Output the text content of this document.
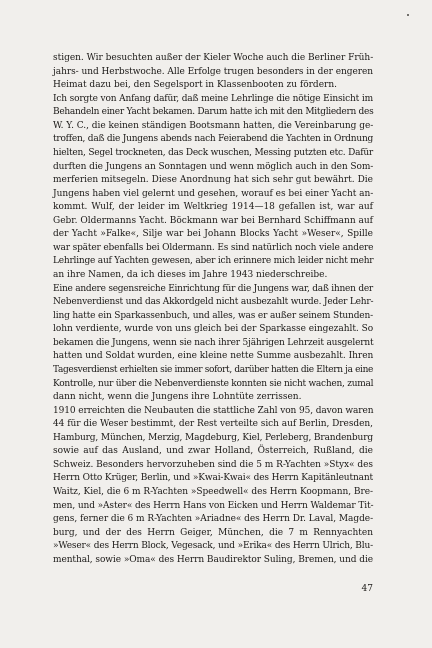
stigen. Wir besuchten außer der Kieler Woche auch die Berliner Früh-
jahrs- und Herbstwoche. Alle Erfolge trugen besonders in der engeren
Heimat dazu bei, den Segelsport in Klassenbooten zu fördern.
Ich sorgte von Anfang dafür, daß meine Lehrlinge die nötige Einsicht im
Behandeln einer Yacht bekamen. Darum hatte ich mit den Mitgliedern des
W. Y. C., die keinen ständigen Bootsmann hatten, die Vereinbarung ge-
troffen, daß die Jungens abends nach Feierabend die Yachten in Ordnung
hielten, Segel trockneten, das Deck wuschen, Messing putzten etc. Dafür
durften die Jungens an Sonntagen und wenn möglich auch in den Som-
merferien mitsegeln. Diese Anordnung hat sich sehr gut bewährt. Die
Jungens haben viel gelernt und gesehen, worauf es bei einer Yacht an-
kommt. Wulf, der leider im Weltkrieg 1914—18 gefallen ist, war auf
Gebr. Oldermanns Yacht. Böckmann war bei Bernhard Schiffmann auf
der Yacht »Falke«, Silje war bei Johann Blocks Yacht »Weser«, Spille
war später ebenfalls bei Oldermann. Es sind natürlich noch viele andere
Lehrlinge auf Yachten gewesen, aber ich erinnere mich leider nicht mehr
an ihre Namen, da ich dieses im Jahre 1943 niederschreibe.
Eine andere segensreiche Einrichtung für die Jungens war, daß ihnen der
Nebenverdienst und das Akkordgeld nicht ausbezahlt wurde. Jeder Lehr-
ling hatte ein Sparkassenbuch, und alles, was er außer seinem Stunden-
lohn verdiente, wurde von uns gleich bei der Sparkasse eingezahlt. So
bekamen die Jungens, wenn sie nach ihrer 5jährigen Lehrzeit ausgelernt
hatten und Soldat wurden, eine kleine nette Summe ausbezahlt. Ihren
Tagesverdienst erhielten sie immer sofort, darüber hatten die Eltern ja eine
Kontrolle, nur über die Nebenverdienste konnten sie nicht wachen, zumal
dann nicht, wenn die Jungens ihre Lohntüte zerrissen.
1910 erreichten die Neubauten die stattliche Zahl von 95, davon waren
44 für die Weser bestimmt, der Rest verteilte sich auf Berlin, Dresden,
Hamburg, München, Merzig, Magdeburg, Kiel, Perleberg, Brandenburg
sowie auf das Ausland, und zwar Holland, Österreich, Rußland, die
Schweiz. Besonders hervorzuheben sind die 5 m R-Yachten »Styx« des
Herrn Otto Krüger, Berlin, und »Kwai-Kwai« des Herrn Kapitänleutnant
Waitz, Kiel, die 6 m R-Yachten »Speedwell« des Herrn Koopmann, Bre-
men, und »Aster« des Herrn Hans von Eicken und Herrn Waldemar Tit-
gens, ferner die 6 m R-Yachten »Ariadne« des Herrn Dr. Laval, Magde-
burg, und der des Herrn Geiger, München, die 7 m Rennyachten
»Weser« des Herrn Block, Vegesack, und »Erika« des Herrn Ulrich, Blu-
menthal, sowie »Oma« des Herrn Baudirektor Suling, Bremen, und die
47
